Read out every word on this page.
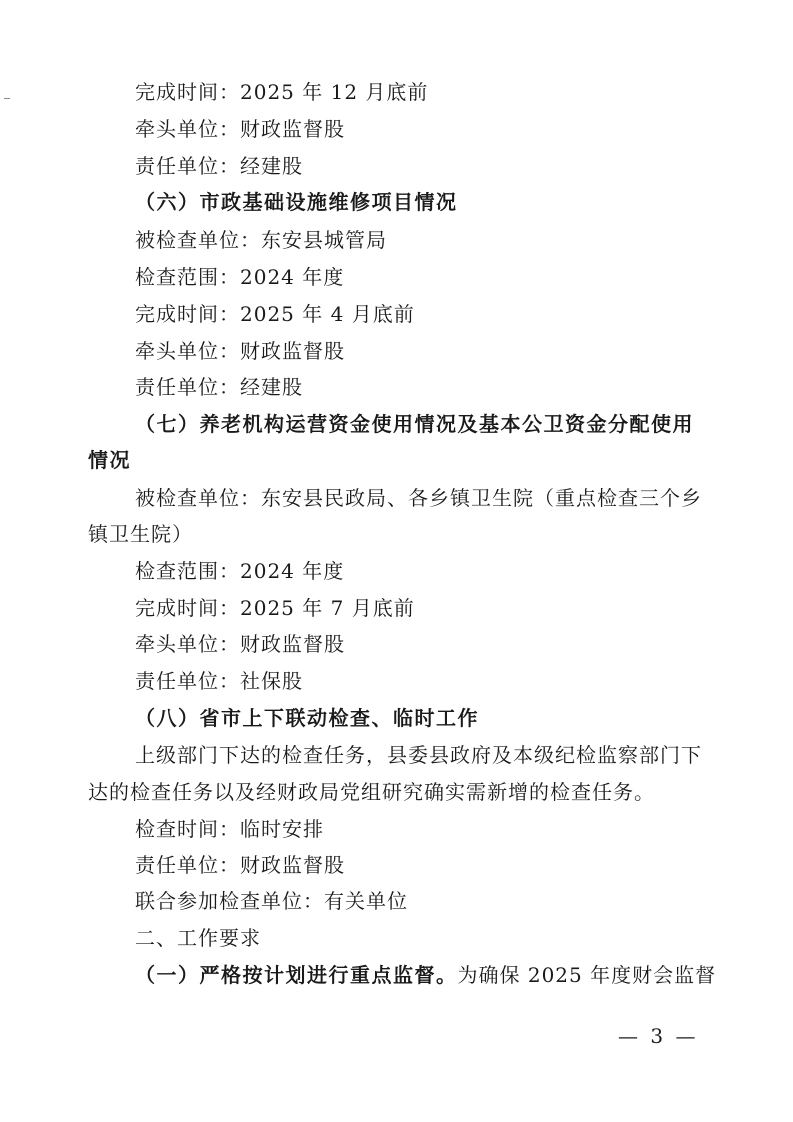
完成时间：2025 年 12 月底前
牵头单位：财政监督股
责任单位：经建股
（六）市政基础设施维修项目情况
被检查单位：东安县城管局
检查范围：2024 年度
完成时间：2025 年 4 月底前
牵头单位：财政监督股
责任单位：经建股
（七）养老机构运营资金使用情况及基本公卫资金分配使用
情况
被检查单位：东安县民政局、各乡镇卫生院（重点检查三个乡
镇卫生院）
检查范围：2024 年度
完成时间：2025 年 7 月底前
牵头单位：财政监督股
责任单位：社保股
（八）省市上下联动检查、临时工作
上级部门下达的检查任务，县委县政府及本级纪检监察部门下
达的检查任务以及经财政局党组研究确实需新增的检查任务。
检查时间：临时安排
责任单位：财政监督股
联合参加检查单位：有关单位
二、工作要求
（一）严格按计划进行重点监督。为确保 2025 年度财会监督
— 3 —
